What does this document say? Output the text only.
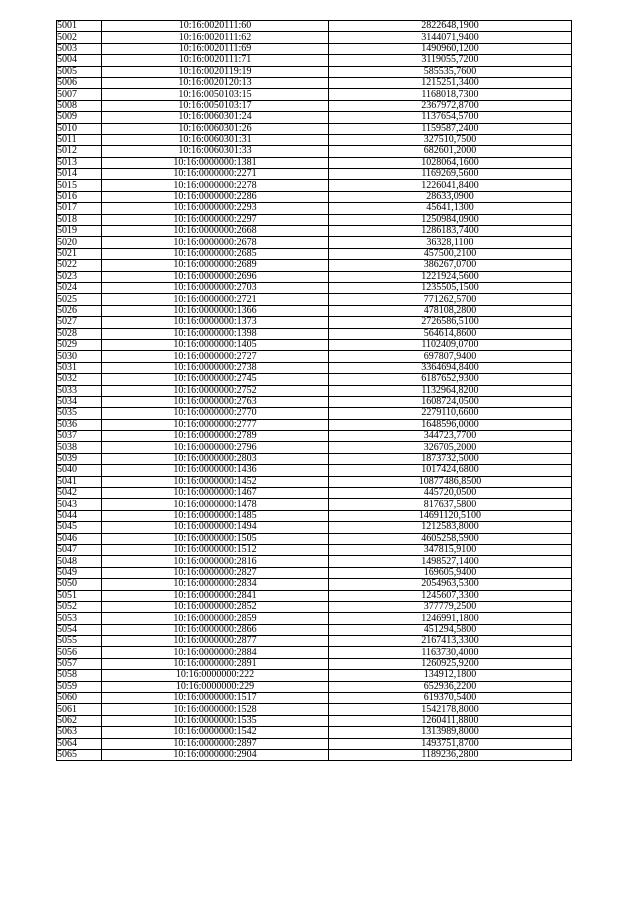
5001	10:16:0020111:60	2822648,1900
5002	10:16:0020111:62	3144071,9400
5003	10:16:0020111:69	1490960,1200
5004	10:16:0020111:71	3119055,7200
5005	10:16:0020119:19	585535,7600
5006	10:16:0020120:13	1215251,3400
5007	10:16:0050103:15	1168018,7300
5008	10:16:0050103:17	2367972,8700
5009	10:16:0060301:24	1137654,5700
5010	10:16:0060301:26	1159587,2400
5011	10:16:0060301:31	327510,7500
5012	10:16:0060301:33	682601,2000
5013	10:16:0000000:1381	1028064,1600
5014	10:16:0000000:2271	1169269,5600
5015	10:16:0000000:2278	1226041,8400
5016	10:16:0000000:2286	28633,0900
5017	10:16:0000000:2293	45641,1300
5018	10:16:0000000:2297	1250984,0900
5019	10:16:0000000:2668	1286183,7400
5020	10:16:0000000:2678	36328,1100
5021	10:16:0000000:2685	457500,2100
5022	10:16:0000000:2689	386267,0700
5023	10:16:0000000:2696	1221924,5600
5024	10:16:0000000:2703	1235505,1500
5025	10:16:0000000:2721	771262,5700
5026	10:16:0000000:1366	478108,2800
5027	10:16:0000000:1373	2726586,5100
5028	10:16:0000000:1398	564614,8600
5029	10:16:0000000:1405	1102409,0700
5030	10:16:0000000:2727	697807,9400
5031	10:16:0000000:2738	3364694,8400
5032	10:16:0000000:2745	6187652,9300
5033	10:16:0000000:2752	1132964,8200
5034	10:16:0000000:2763	1608724,0500
5035	10:16:0000000:2770	2279110,6600
5036	10:16:0000000:2777	1648596,0000
5037	10:16:0000000:2789	344723,7700
5038	10:16:0000000:2796	326705,2000
5039	10:16:0000000:2803	1873732,5000
5040	10:16:0000000:1436	1017424,6800
5041	10:16:0000000:1452	10877486,8500
5042	10:16:0000000:1467	445720,0500
5043	10:16:0000000:1478	817637,5800
5044	10:16:0000000:1485	14691120,5100
5045	10:16:0000000:1494	1212583,8000
5046	10:16:0000000:1505	4605258,5900
5047	10:16:0000000:1512	347815,9100
5048	10:16:0000000:2816	1498527,1400
5049	10:16:0000000:2827	169605,9400
5050	10:16:0000000:2834	2054963,5300
5051	10:16:0000000:2841	1245607,3300
5052	10:16:0000000:2852	377779,2500
5053	10:16:0000000:2859	1246991,1800
5054	10:16:0000000:2866	451294,5800
5055	10:16:0000000:2877	2167413,3300
5056	10:16:0000000:2884	1163730,4000
5057	10:16:0000000:2891	1260925,9200
5058	10:16:0000000:222	134912,1800
5059	10:16:0000000:229	652936,2200
5060	10:16:0000000:1517	619370,5400
5061	10:16:0000000:1528	1542178,8000
5062	10:16:0000000:1535	1260411,8800
5063	10:16:0000000:1542	1313989,8000
5064	10:16:0000000:2897	1493751,8700
5065	10:16:0000000:2904	1189236,2800
